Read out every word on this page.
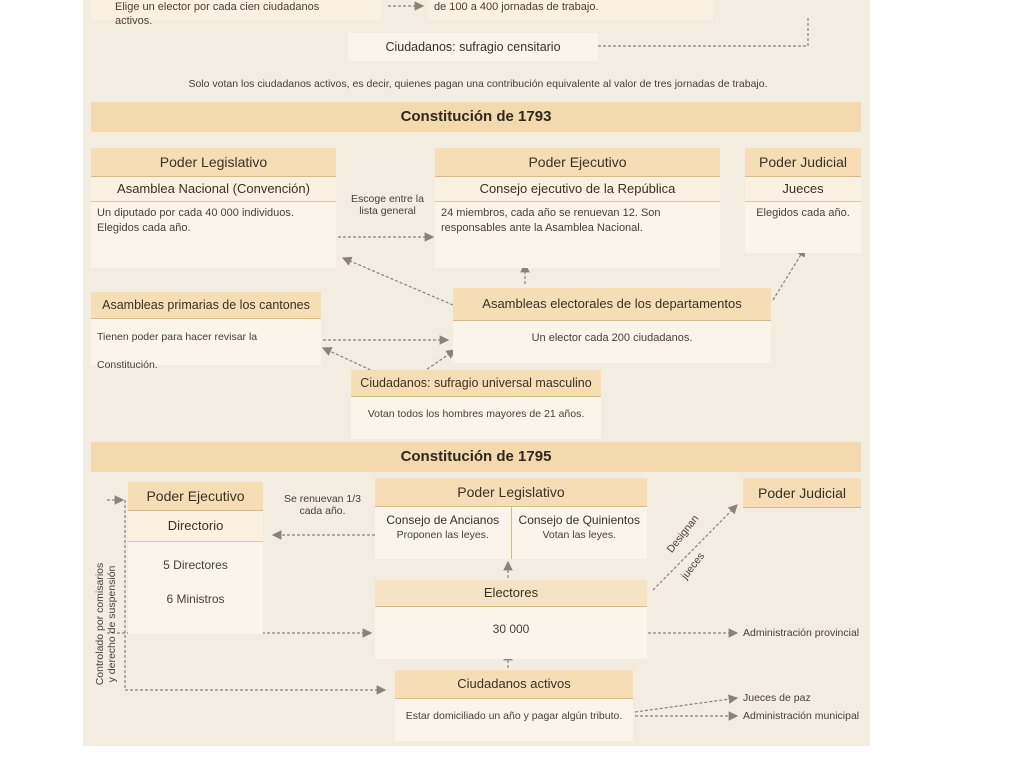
Elige un elector por cada cien ciudadanos activos.
de 100 a 400 jornadas de trabajo.
Ciudadanos: sufragio censitario
Solo votan los ciudadanos activos, es decir, quienes pagan una contribución equivalente al valor de tres jornadas de trabajo.
Constitución de 1793
Poder Legislativo
Asamblea Nacional (Convención)
Un diputado por cada 40 000 individuos. Elegidos cada año.
Escoge entre la lista general
Poder Ejecutivo
Consejo ejecutivo de la República
24 miembros, cada año se renuevan 12. Son responsables ante la Asamblea Nacional.
Poder Judicial
Jueces
Elegidos cada año.
Asambleas primarias de los cantones
Tienen poder para hacer revisar la Constitución.
Asambleas electorales de los departamentos
Un elector cada 200 ciudadanos.
Ciudadanos: sufragio universal masculino
Votan todos los hombres mayores de 21 años.
Constitución de 1795
Poder Ejecutivo
Directorio
5 Directores
6 Ministros
Se renuevan 1/3 cada año.
Poder Legislativo
Consejo de Ancianos
Proponen las leyes.
Consejo de Quinientos
Votan las leyes.
Poder Judicial
Designan
jueces
Electores
30 000
Ciudadanos activos
Estar domiciliado un año y pagar algún tributo.
Controlado por comisarios y derecho de suspensión	Administración provincial
Jueces de paz
Administración municipal
